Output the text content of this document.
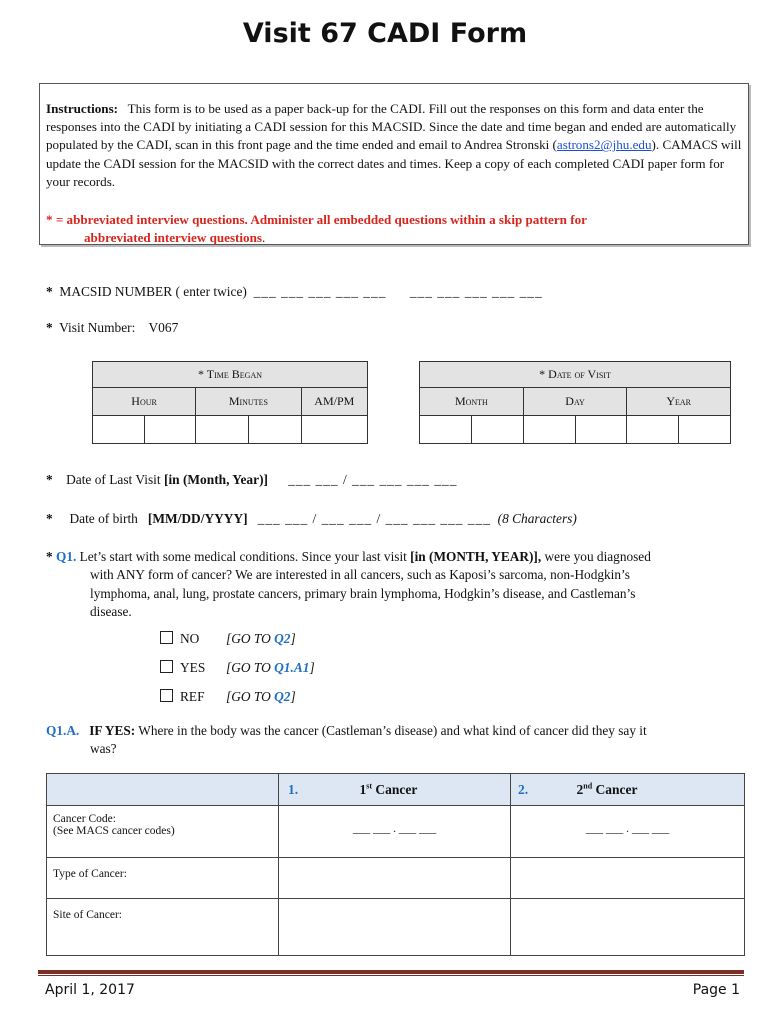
Visit 67 CADI Form
Instructions: This form is to be used as a paper back-up for the CADI. Fill out the responses on this form and data enter the responses into the CADI by initiating a CADI session for this MACSID. Since the date and time began and ended are automatically populated by the CADI, scan in this front page and the time ended and email to Andrea Stronski (astrons2@jhu.edu). CAMACS will update the CADI session for the MACSID with the correct dates and times. Keep a copy of each completed CADI paper form for your records.
* = abbreviated interview questions. Administer all embedded questions within a skip pattern for
abbreviated interview questions.
* MACSID NUMBER ( enter twice) ___ ___ ___ ___ ___ ___ ___ ___ ___ ___
* Visit Number: V067
* Time Began				
Hour		Minutes		AM/PM

* Date of Visit					
Month		Day		Year	

* Date of Last Visit [in (Month, Year)] ___ ___ / ___ ___ ___ ___
* Date of birth [MM/DD/YYYY] ___ ___ / ___ ___ / ___ ___ ___ ___ (8 Characters)
* Q1. Let’s start with some medical conditions. Since your last visit [in (MONTH, YEAR)], were you diagnosed
with ANY form of cancer? We are interested in all cancers, such as Kaposi’s sarcoma, non-Hodgkin’s
lymphoma, anal, lung, prostate cancers, primary brain lymphoma, Hodgkin’s disease, and Castleman’s
disease.
NO [GO TO Q2]
YES [GO TO Q1.A1]
REF [GO TO Q2]
Q1.A. IF YES: Where in the body was the cancer (Castleman’s disease) and what kind of cancer did they say it
was?
	1. 1st Cancer	2. 2nd Cancer

Cancer Code:
(See MACS cancer codes)	___ ___ . ___ ___	___ ___ . ___ ___
Type of Cancer:		
Site of Cancer:		
April 1, 2017	Page 1
